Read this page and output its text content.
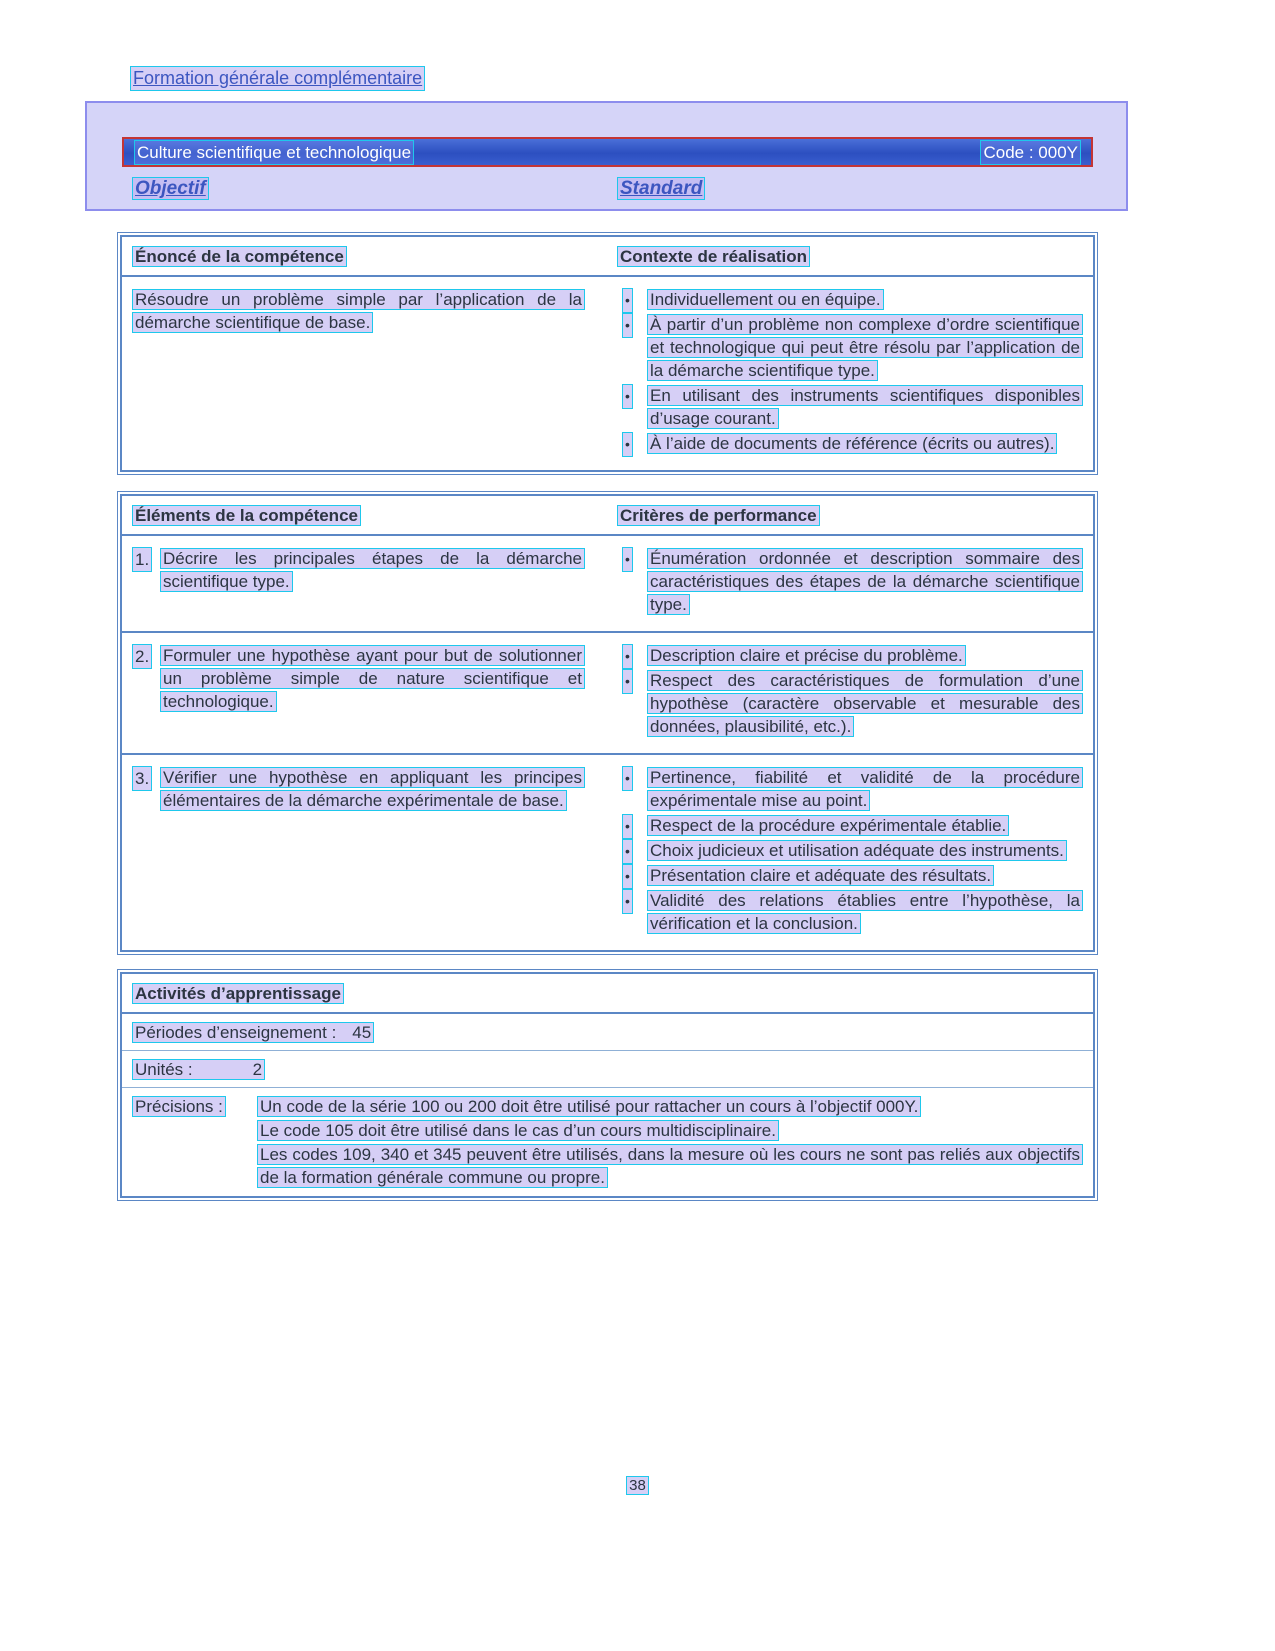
Formation générale complémentaire
Culture scientifique et technologique	Code : 000Y
Objectif	Standard
Énoncé de la compétence	Contexte de réalisation
Résoudre un problème simple par l’application de la démarche scientifique de base.
• Individuellement ou en équipe.
• À partir d’un problème non complexe d’ordre scientifique et technologique qui peut être résolu par l’application de la démarche scientifique type.
• En utilisant des instruments scientifiques disponibles d’usage courant.
• À l’aide de documents de référence (écrits ou autres).
Éléments de la compétence	Critères de performance
1. Décrire les principales étapes de la démarche scientifique type.
• Énumération ordonnée et description sommaire des caractéristiques des étapes de la démarche scientifique type.
2. Formuler une hypothèse ayant pour but de solutionner un problème simple de nature scientifique et technologique.
• Description claire et précise du problème.
• Respect des caractéristiques de formulation d’une hypothèse (caractère observable et mesurable des données, plausibilité, etc.).
3. Vérifier une hypothèse en appliquant les principes élémentaires de la démarche expérimentale de base.
• Pertinence, fiabilité et validité de la procédure expérimentale mise au point.
• Respect de la procédure expérimentale établie.
• Choix judicieux et utilisation adéquate des instruments.
• Présentation claire et adéquate des résultats.
• Validité des relations établies entre l’hypothèse, la vérification et la conclusion.
Activités d’apprentissage
Périodes d’enseignement : 45
Unités :	2
Précisions :	Un code de la série 100 ou 200 doit être utilisé pour rattacher un cours à l’objectif 000Y.
Le code 105 doit être utilisé dans le cas d’un cours multidisciplinaire.
Les codes 109, 340 et 345 peuvent être utilisés, dans la mesure où les cours ne sont pas reliés aux objectifs de la formation générale commune ou propre.
38
